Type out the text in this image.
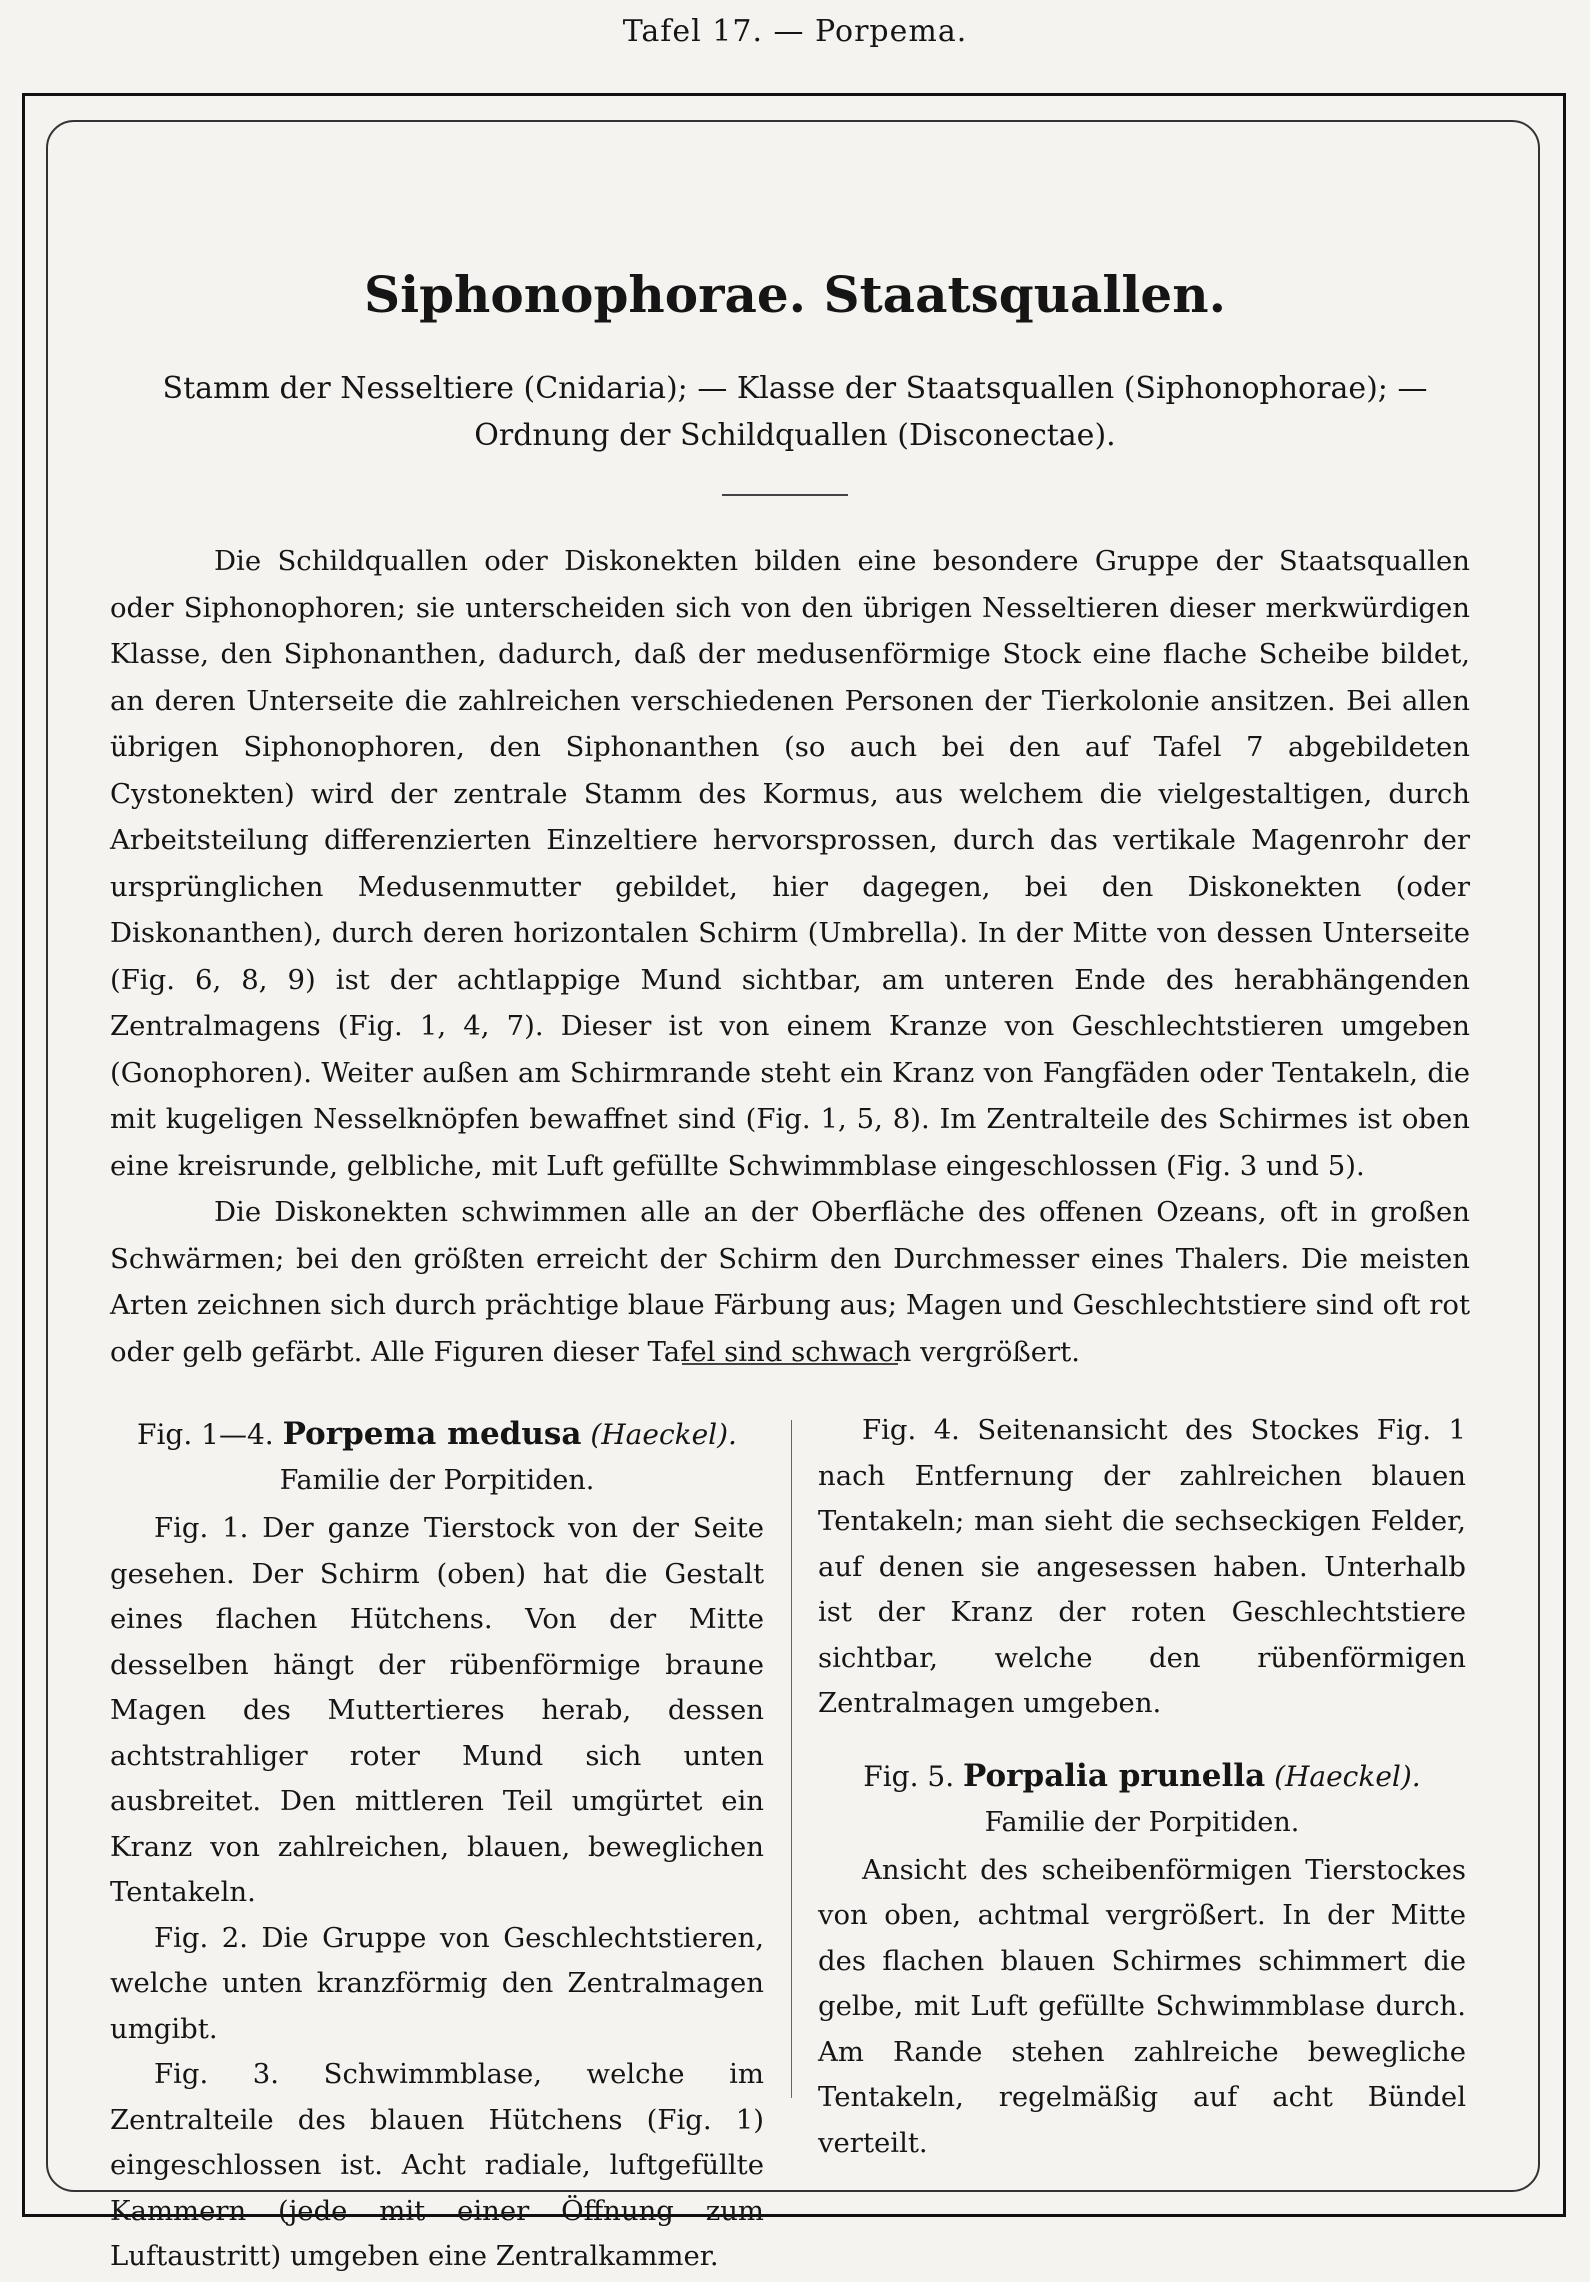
Tafel 17. — Porpema.
Siphonophorae. Staatsquallen.
Stamm der Nesseltiere (Cnidaria); — Klasse der Staatsquallen (Siphonophorae); —
Ordnung der Schildquallen (Disconectae).

Die Schildquallen oder Diskonekten bilden eine besondere Gruppe der Staatsquallen oder Siphonophoren; sie unterscheiden sich von den übrigen Nesseltieren dieser merkwürdigen Klasse, den Siphonanthen, dadurch, daß der medusenförmige Stock eine flache Scheibe bildet, an deren Unterseite die zahlreichen verschiedenen Personen der Tierkolonie ansitzen. Bei allen übrigen Siphonophoren, den Siphonanthen (so auch bei den auf Tafel 7 abgebildeten Cystonekten) wird der zentrale Stamm des Kormus, aus welchem die vielgestaltigen, durch Arbeitsteilung differenzierten Einzeltiere hervorsprossen, durch das vertikale Magenrohr der ursprünglichen Medusenmutter gebildet, hier dagegen, bei den Diskonekten (oder Diskonanthen), durch deren horizontalen Schirm (Umbrella). In der Mitte von dessen Unterseite (Fig. 6, 8, 9) ist der achtlappige Mund sichtbar, am unteren Ende des herabhängenden Zentralmagens (Fig. 1, 4, 7). Dieser ist von einem Kranze von Geschlechtstieren umgeben (Gonophoren). Weiter außen am Schirmrande steht ein Kranz von Fangfäden oder Tentakeln, die mit kugeligen Nesselknöpfen bewaffnet sind (Fig. 1, 5, 8). Im Zentralteile des Schirmes ist oben eine kreisrunde, gelbliche, mit Luft gefüllte Schwimmblase eingeschlossen (Fig. 3 und 5).

Die Diskonekten schwimmen alle an der Oberfläche des offenen Ozeans, oft in großen Schwärmen; bei den größten erreicht der Schirm den Durchmesser eines Thalers. Die meisten Arten zeichnen sich durch prächtige blaue Färbung aus; Magen und Geschlechtstiere sind oft rot oder gelb gefärbt. Alle Figuren dieser Tafel sind schwach vergrößert.

Fig. 1—4. Porpema medusa (Haeckel).
Familie der Porpitiden.

Fig. 1. Der ganze Tierstock von der Seite gesehen. Der Schirm (oben) hat die Gestalt eines flachen Hütchens. Von der Mitte desselben hängt der rübenförmige braune Magen des Muttertieres herab, dessen achtstrahliger roter Mund sich unten ausbreitet. Den mittleren Teil umgürtet ein Kranz von zahlreichen, blauen, beweglichen Tentakeln.

Fig. 2. Die Gruppe von Geschlechtstieren, welche unten kranzförmig den Zentralmagen umgibt.

Fig. 3. Schwimmblase, welche im Zentralteile des blauen Hütchens (Fig. 1) eingeschlossen ist. Acht radiale, luftgefüllte Kammern (jede mit einer Öffnung zum Luftaustritt) umgeben eine Zentralkammer.

Fig. 4. Seitenansicht des Stockes Fig. 1 nach Entfernung der zahlreichen blauen Tentakeln; man sieht die sechseckigen Felder, auf denen sie angesessen haben. Unterhalb ist der Kranz der roten Geschlechtstiere sichtbar, welche den rübenförmigen Zentralmagen umgeben.

Fig. 5. Porpalia prunella (Haeckel).
Familie der Porpitiden.

Ansicht des scheibenförmigen Tierstockes von oben, achtmal vergrößert. In der Mitte des flachen blauen Schirmes schimmert die gelbe, mit Luft gefüllte Schwimmblase durch. Am Rande stehen zahlreiche bewegliche Tentakeln, regelmäßig auf acht Bündel verteilt.
